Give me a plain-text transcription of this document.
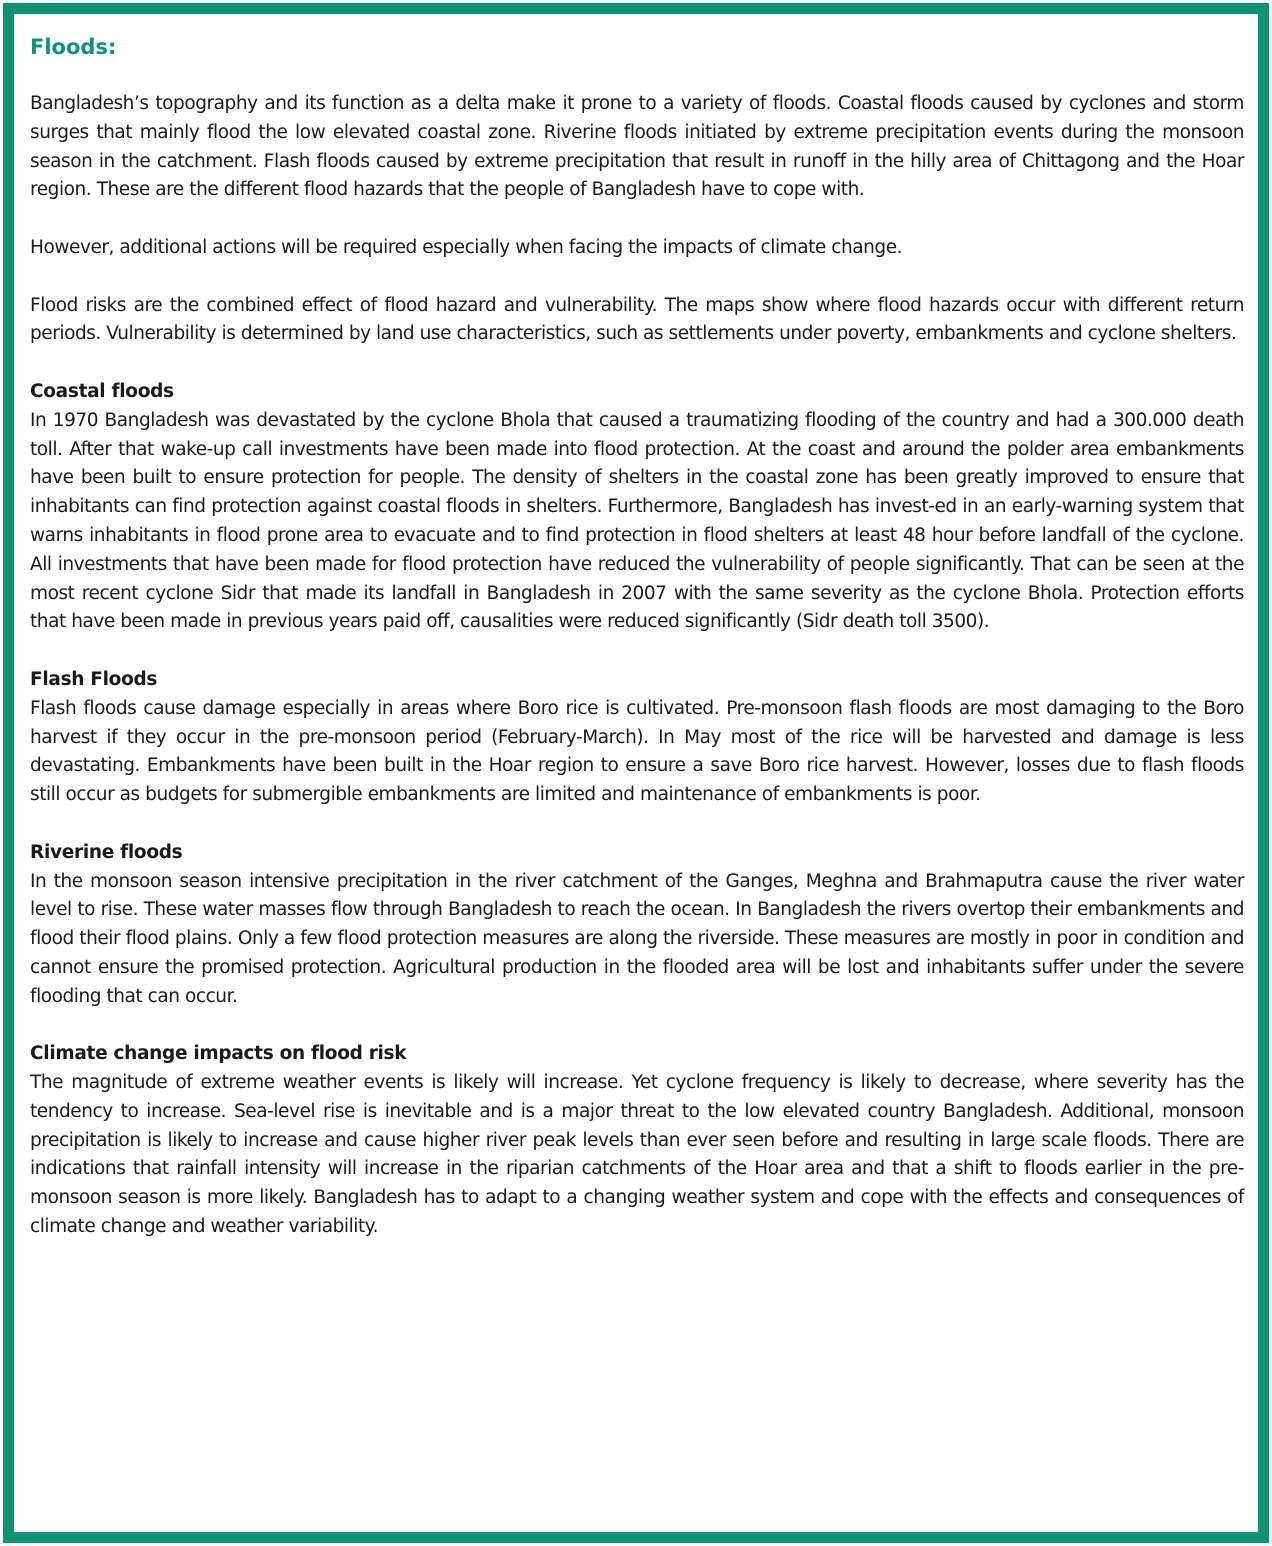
Floods:

Bangladesh’s topography and its function as a delta make it prone to a variety of floods. Coastal floods caused by cyclones and storm surges that mainly flood the low elevated coastal zone. Riverine floods initiated by extreme precipitation events during the monsoon season in the catchment. Flash floods caused by extreme precipitation that result in runoff in the hilly area of Chittagong and the Hoar region. These are the different flood hazards that the people of Bangladesh have to cope with.

However, additional actions will be required especially when facing the impacts of climate change.

Flood risks are the combined effect of flood hazard and vulnerability. The maps show where flood hazards occur with different return periods. Vulnerability is determined by land use characteristics, such as settlements under poverty, embankments and cyclone shelters.

Coastal floods

In 1970 Bangladesh was devastated by the cyclone Bhola that caused a traumatizing flooding of the country and had a 300.000 death toll. After that wake-up call investments have been made into flood protection. At the coast and around the polder area embankments have been built to ensure protection for people. The density of shelters in the coastal zone has been greatly improved to ensure that inhabitants can find protection against coastal floods in shelters. Furthermore, Bangladesh has invest-ed in an early-warning system that warns inhabitants in flood prone area to evacuate and to find protection in flood shelters at least 48 hour before landfall of the cyclone. All investments that have been made for flood protection have reduced the vulnerability of people significantly. That can be seen at the most recent cyclone Sidr that made its landfall in Bangladesh in 2007 with the same severity as the cyclone Bhola. Protection efforts that have been made in previous years paid off, causalities were reduced significantly (Sidr death toll 3500).

Flash Floods

Flash floods cause damage especially in areas where Boro rice is cultivated. Pre-monsoon flash floods are most damaging to the Boro harvest if they occur in the pre-monsoon period (February-March). In May most of the rice will be harvested and damage is less devastating. Embankments have been built in the Hoar region to ensure a save Boro rice harvest. However, losses due to flash floods still occur as budgets for submergible embankments are limited and maintenance of embankments is poor.

Riverine floods

In the monsoon season intensive precipitation in the river catchment of the Ganges, Meghna and Brahmaputra cause the river water level to rise. These water masses flow through Bangladesh to reach the ocean. In Bangladesh the rivers overtop their embankments and flood their flood plains. Only a few flood protection measures are along the riverside. These measures are mostly in poor in condition and cannot ensure the promised protection. Agricultural production in the flooded area will be lost and inhabitants suffer under the severe flooding that can occur.

Climate change impacts on flood risk

The magnitude of extreme weather events is likely will increase. Yet cyclone frequency is likely to decrease, where severity has the tendency to increase. Sea-level rise is inevitable and is a major threat to the low elevated country Bangladesh. Additional, monsoon precipitation is likely to increase and cause higher river peak levels than ever seen before and resulting in large scale floods. There are indications that rainfall intensity will increase in the riparian catchments of the Hoar area and that a shift to floods earlier in the pre-monsoon season is more likely. Bangladesh has to adapt to a changing weather system and cope with the effects and consequences of climate change and weather variability.
